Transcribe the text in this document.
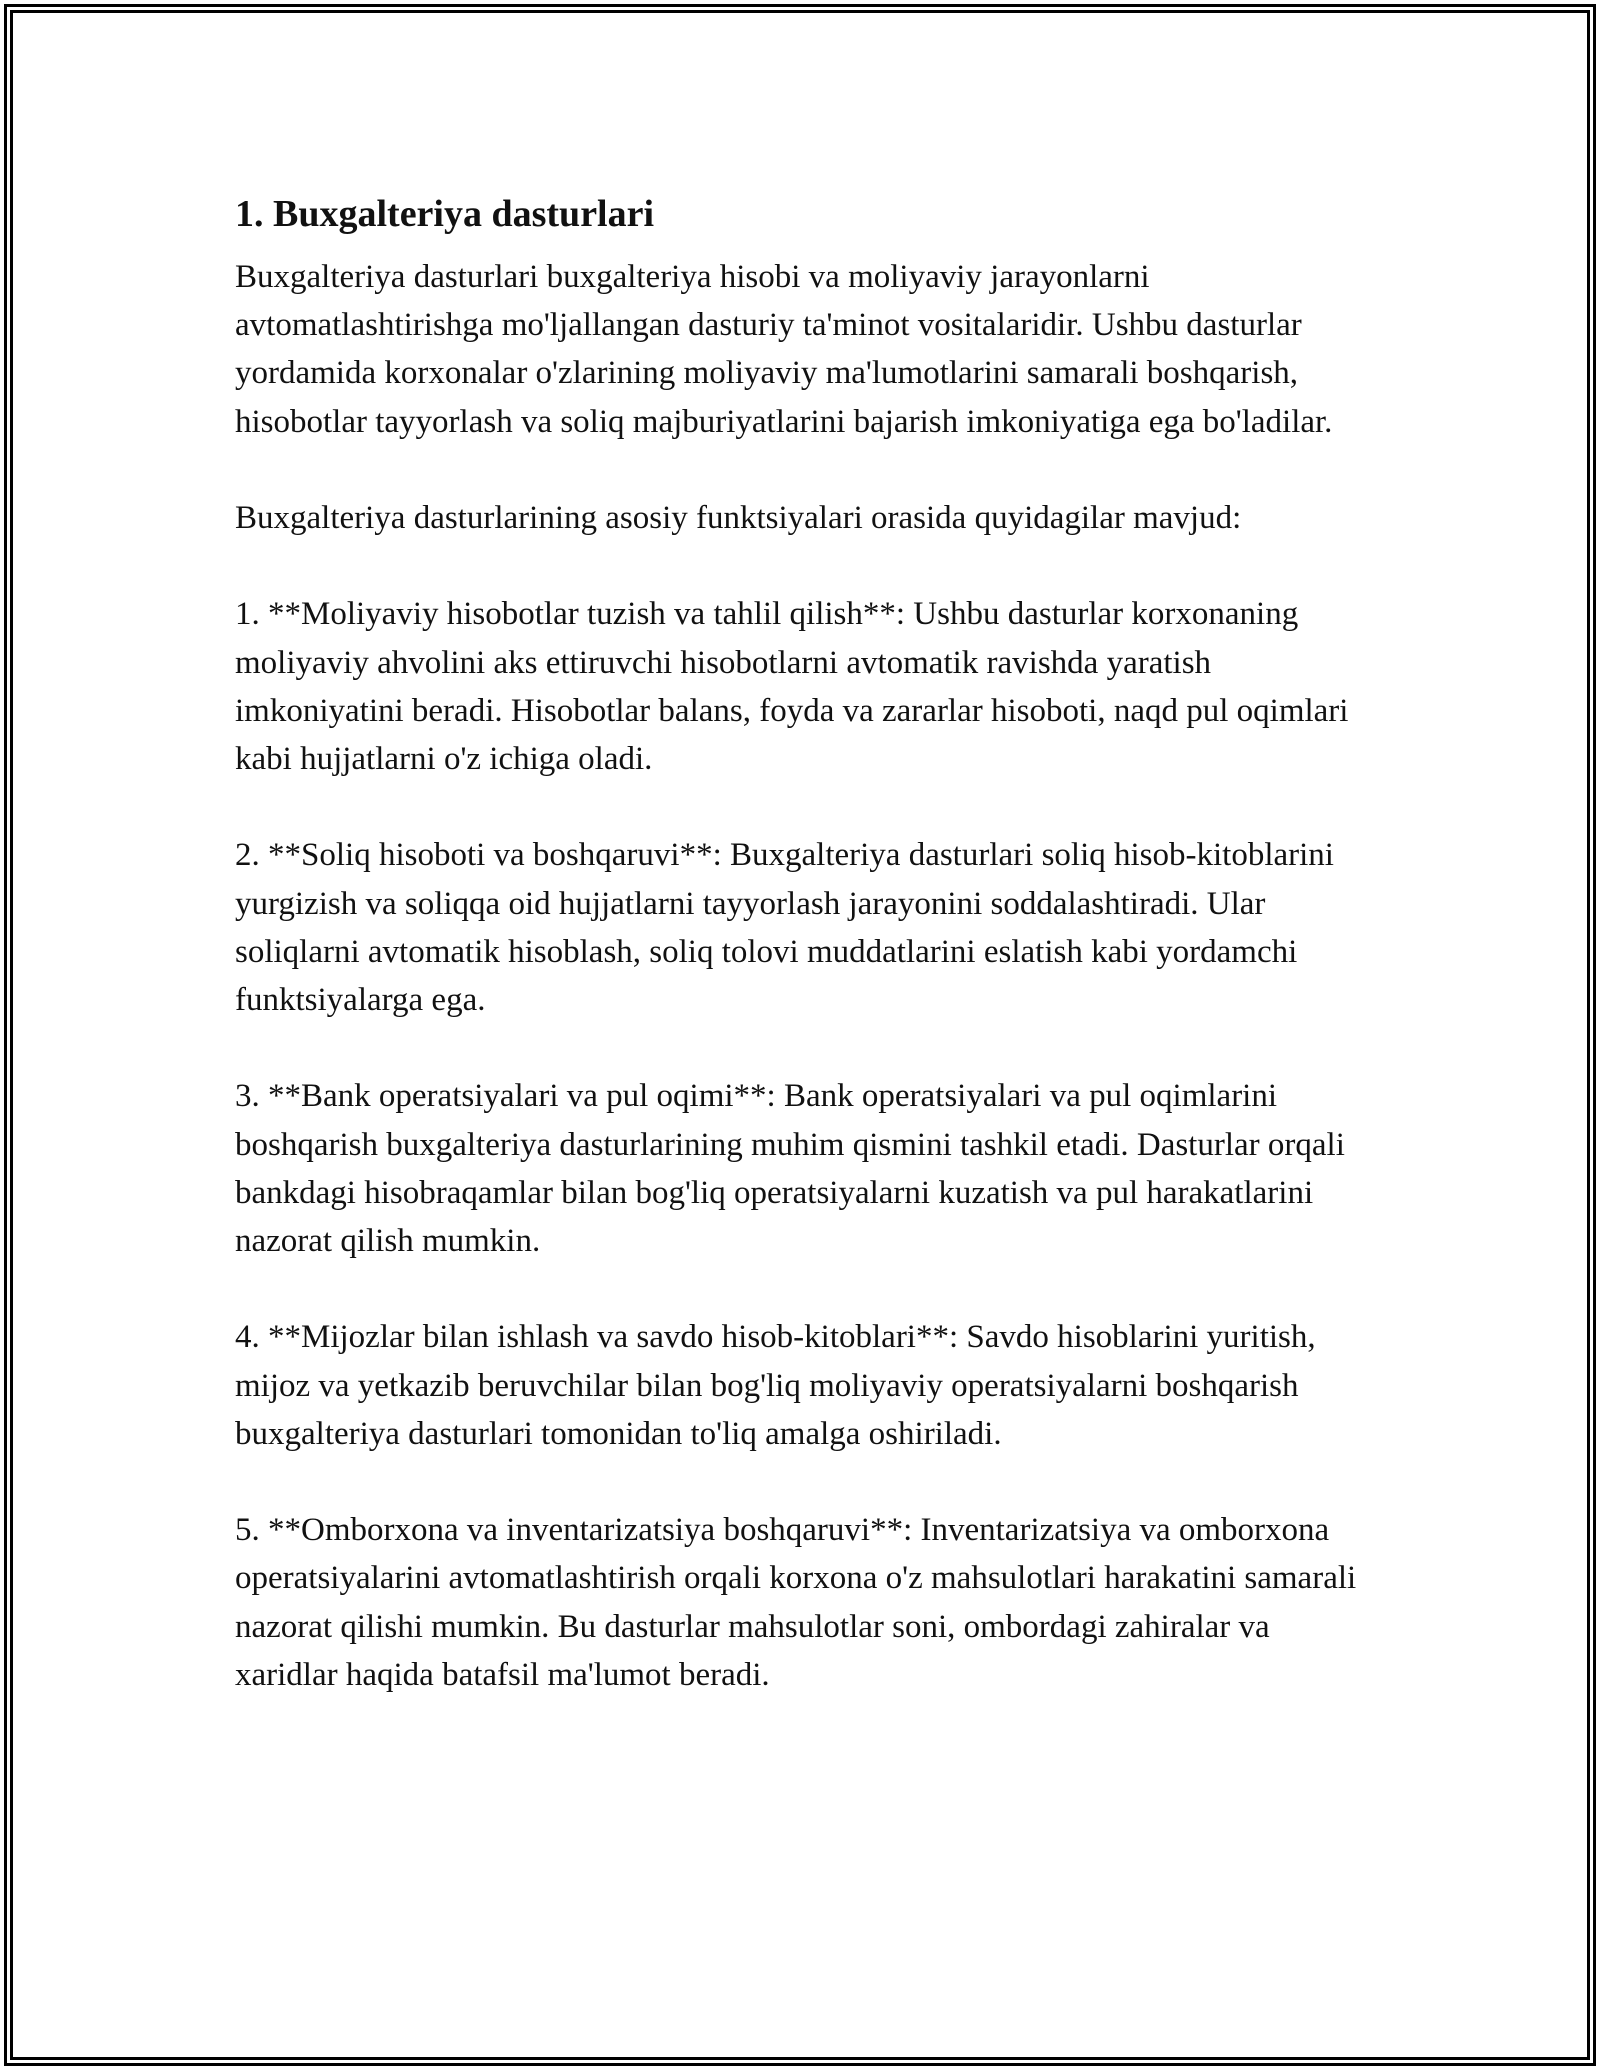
1. Buxgalteriya dasturlari

Buxgalteriya dasturlari buxgalteriya hisobi va moliyaviy jarayonlarni avtomatlashtirishga mo'ljallangan dasturiy ta'minot vositalaridir. Ushbu dasturlar yordamida korxonalar o'zlarining moliyaviy ma'lumotlarini samarali boshqarish, hisobotlar tayyorlash va soliq majburiyatlarini bajarish imkoniyatiga ega bo'ladilar.

Buxgalteriya dasturlarining asosiy funktsiyalari orasida quyidagilar mavjud:

1. **Moliyaviy hisobotlar tuzish va tahlil qilish**: Ushbu dasturlar korxonaning moliyaviy ahvolini aks ettiruvchi hisobotlarni avtomatik ravishda yaratish imkoniyatini beradi. Hisobotlar balans, foyda va zararlar hisoboti, naqd pul oqimlari kabi hujjatlarni o'z ichiga oladi.

2. **Soliq hisoboti va boshqaruvi**: Buxgalteriya dasturlari soliq hisob-kitoblarini yurgizish va soliqqa oid hujjatlarni tayyorlash jarayonini soddalashtiradi. Ular soliqlarni avtomatik hisoblash, soliq tolovi muddatlarini eslatish kabi yordamchi funktsiyalarga ega.

3. **Bank operatsiyalari va pul oqimi**: Bank operatsiyalari va pul oqimlarini boshqarish buxgalteriya dasturlarining muhim qismini tashkil etadi. Dasturlar orqali bankdagi hisobraqamlar bilan bog'liq operatsiyalarni kuzatish va pul harakatlarini nazorat qilish mumkin.

4. **Mijozlar bilan ishlash va savdo hisob-kitoblari**: Savdo hisoblarini yuritish, mijoz va yetkazib beruvchilar bilan bog'liq moliyaviy operatsiyalarni boshqarish buxgalteriya dasturlari tomonidan to'liq amalga oshiriladi.

5. **Omborxona va inventarizatsiya boshqaruvi**: Inventarizatsiya va omborxona operatsiyalarini avtomatlashtirish orqali korxona o'z mahsulotlari harakatini samarali nazorat qilishi mumkin. Bu dasturlar mahsulotlar soni, ombordagi zahiralar va xaridlar haqida batafsil ma'lumot beradi.
